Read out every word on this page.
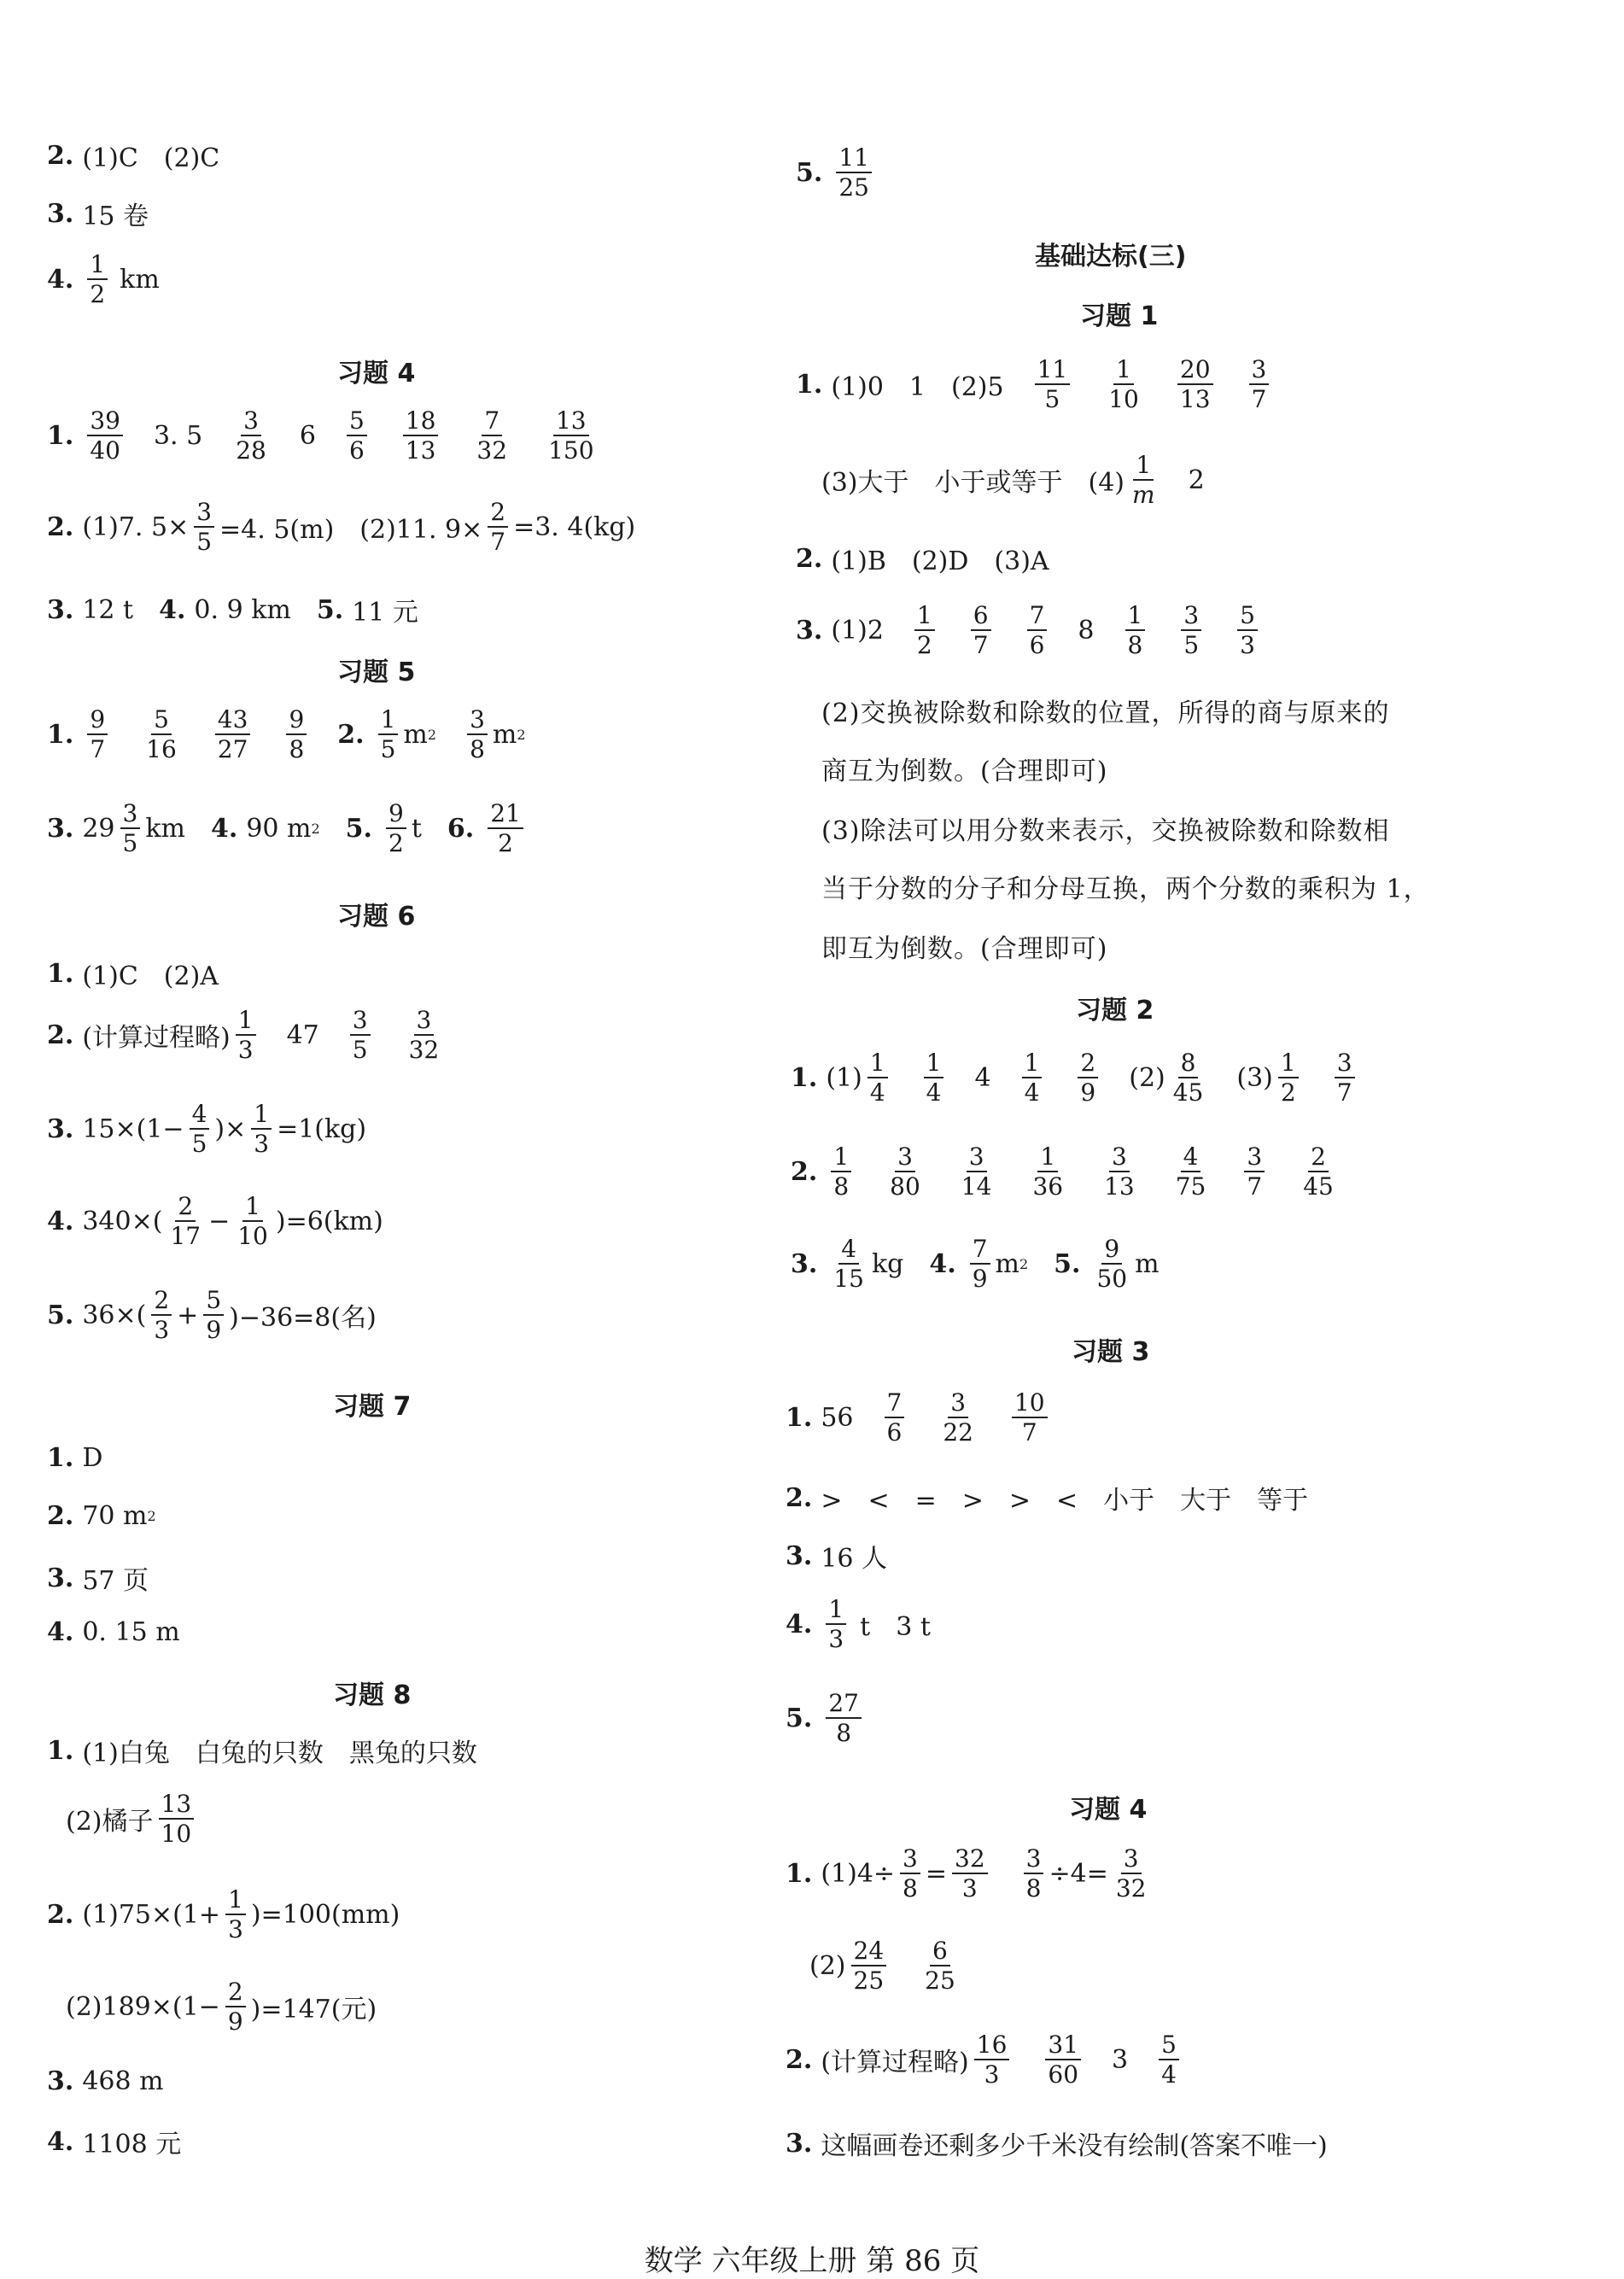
2. (1)C　(2)C
3. 15 卷
4. $\frac{1}{2}$ km
习题 4
1. $\frac{39}{40} 3$. $5 \frac{3}{28} 6 \frac{5}{6} \frac{18}{13} \frac{7}{32} \frac{13}{150}$
2. (1)7. $5\times \frac{3}{5} =4$. 5(m)　(2)11. $9\times \frac{2}{7} =3$. 4(kg)
3. 12 t 4. 0. 9 km 5. 11 元
习题 5
1. $\frac{9}{7} \frac{5}{16} \frac{43}{27} \frac{9}{8} 2$. $\frac{1}{5}$ m $2 \frac{3}{8}$ m 2
3. $29 \frac{3}{5}$ km 4. 90 m 2 5. $\frac{9}{2}$ t 6. $\frac{21}{2}$
习题 6
1. (1)C　(2)A
2. (计算过程略) $\frac{1}{3} 47 \frac{3}{5} \frac{3}{32}$
3. $15\times(1- \frac{4}{5}$ )× $\frac{1}{3} =1(kg)$
4. $340\times( \frac{2}{17} - \frac{1}{10} )=6(km)$
5. $36\times( \frac{2}{3} + \frac{5}{9} )-36=8$(名)
习题 7
1. D
2. 70 m 2
3. 57 页
4. 0. 15 m
习题 8
1. (1)白兔　白兔的只数　黑兔的只数
(2)橘子 $\frac{13}{10}$
2. $(1)75\times(1+ \frac{1}{3} )=100(mm)$
$(2)189\times(1- \frac{2}{9} )=147$(元)
3. 468 m
4. 1108 元
5. $\frac{11}{25}$
基础达标(三)
习题 1
1. (1)0　1　$(2)5 \frac{11}{5} \frac{1}{10} \frac{20}{13} \frac{3}{7}$
(3)大于　小于或等于　$(4) \frac{1}{m} 2$
2. (1)B　(2)D　(3)A
3. $(1)2 \frac{1}{2} \frac{6}{7} \frac{7}{6} 8 \frac{1}{8} \frac{3}{5} \frac{5}{3}$
(2)交换被除数和除数的位置，所得的商与原来的
商互为倒数。(合理即可)
(3)除法可以用分数来表示，交换被除数和除数相
当于分数的分子和分母互换，两个分数的乘积为 1，
即互为倒数。(合理即可)
习题 2
1. $(1) \frac{1}{4} \frac{1}{4} 4 \frac{1}{4} \frac{2}{9} (2) \frac{8}{45} (3) \frac{1}{2} \frac{3}{7}$
2. $\frac{1}{8} \frac{3}{80} \frac{3}{14} \frac{1}{36} \frac{3}{13} \frac{4}{75} \frac{3}{7} \frac{2}{45}$
3. $\frac{4}{15}$ kg 4. $\frac{7}{9}$ m 2 5. $\frac{9}{50}$ m
习题 3
1. $56 \frac{7}{6} \frac{3}{22} \frac{10}{7}$
2. >　<　=　>　>　<　小于　大于　等于
3. 16 人
4. $\frac{1}{3}$ t　3 t
5. $\frac{27}{8}$
习题 4
1. $(1)4\div \frac{3}{8} = \frac{32}{3} \frac{3}{8} \div 4= \frac{3}{32}$
$(2) \frac{24}{25} \frac{6}{25}$
2. (计算过程略) $\frac{16}{3} \frac{31}{60} 3 \frac{5}{4}$
3. 这幅画卷还剩多少千米没有绘制(答案不唯一)
数学 六年级上册 第 86 页
